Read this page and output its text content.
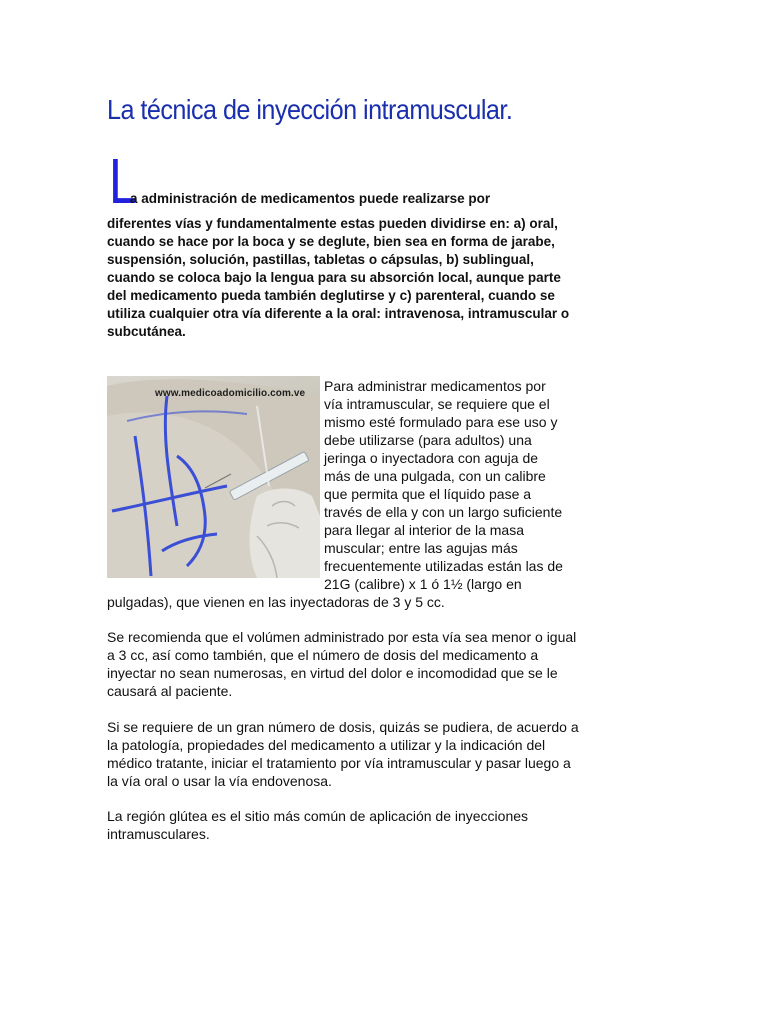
La técnica de inyección intramuscular.
L
a administración de medicamentos puede realizarse por

diferentes vías y fundamentalmente estas pueden dividirse en: a) oral, cuando se hace por la boca y se deglute, bien sea en forma de jarabe, suspensión, solución, pastillas, tabletas o cápsulas, b) sublingual, cuando se coloca bajo la lengua para su absorción local, aunque parte del medicamento pueda también deglutirse y c) parenteral, cuando se utiliza cualquier otra vía diferente a la oral: intravenosa, intramuscular o subcutánea.

www.medicoadomicilio.com.ve	Para administrar medicamentos por
vía intramuscular, se requiere que el
mismo esté formulado para ese uso y
debe utilizarse (para adultos) una
jeringa o inyectadora con aguja de
más de una pulgada, con un calibre
que permita que el líquido pase a
través de ella y con un largo suficiente
para llegar al interior de la masa
muscular; entre las agujas más
frecuentemente utilizadas están las de
21G (calibre) x 1 ó 1½ (largo en
pulgadas), que vienen en las inyectadoras de 3 y 5 cc.

Se recomienda que el volúmen administrado por esta vía sea menor o igual a 3 cc, así como también, que el número de dosis del medicamento a inyectar no sean numerosas, en virtud del dolor e incomodidad que se le causará al paciente.

Si se requiere de un gran número de dosis, quizás se pudiera, de acuerdo a la patología, propiedades del medicamento a utilizar y la indicación del médico tratante, iniciar el tratamiento por vía intramuscular y pasar luego a la vía oral o usar la vía endovenosa.

La región glútea es el sitio más común de aplicación de inyecciones intramusculares.
